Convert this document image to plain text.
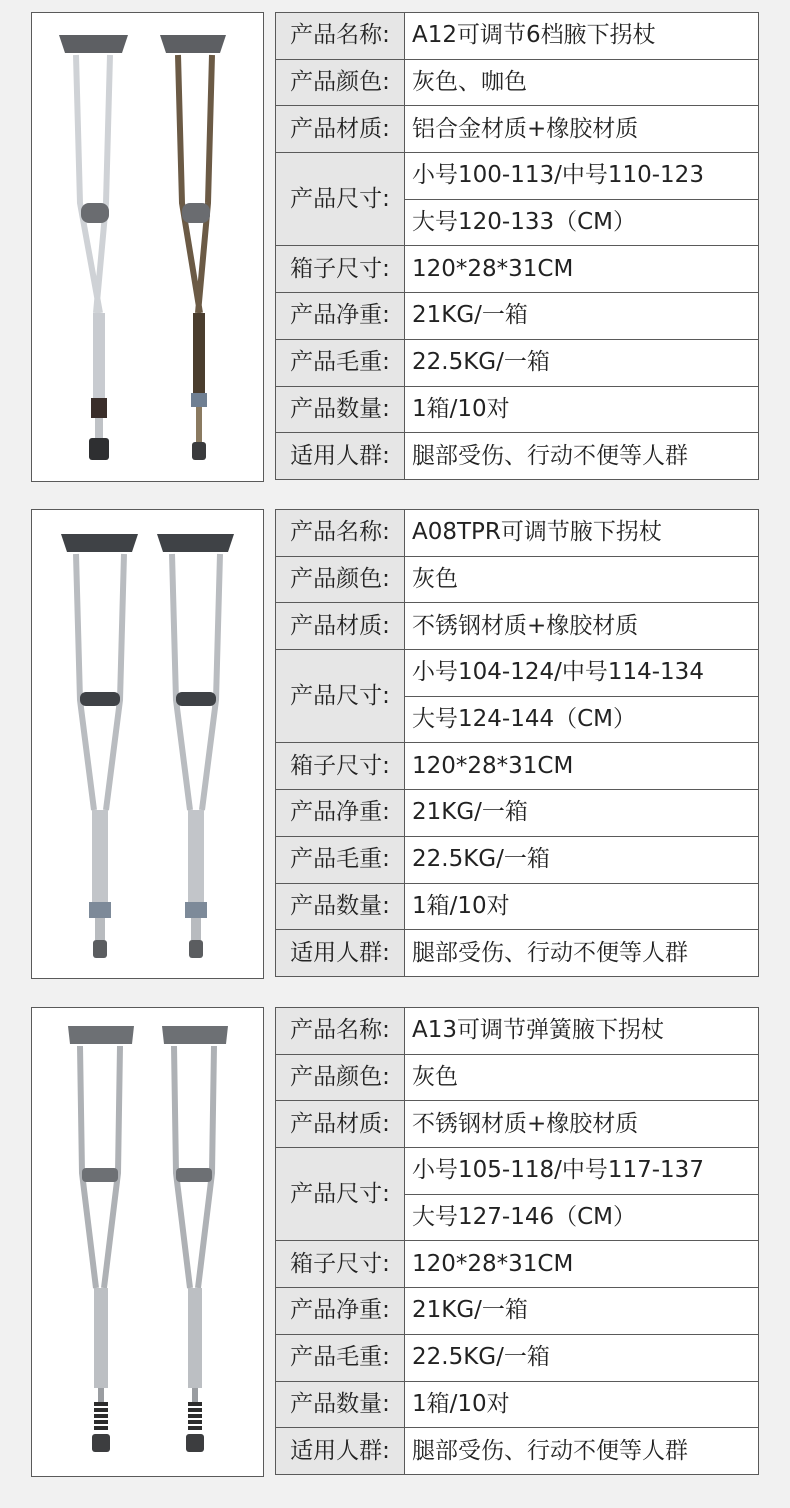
产品名称:	A12可调节6档腋下拐杖
产品颜色:	灰色、咖色
产品材质:	铝合金材质+橡胶材质
产品尺寸:	小号100-113/中号110-123
	大号120-133（CM）
箱子尺寸:	120*28*31CM
产品净重:	21KG/一箱
产品毛重:	22.5KG/一箱
产品数量:	1箱/10对
适用人群:	腿部受伤、行动不便等人群
产品名称:	A08TPR可调节腋下拐杖
产品颜色:	灰色
产品材质:	不锈钢材质+橡胶材质
产品尺寸:	小号104-124/中号114-134
	大号124-144（CM）
箱子尺寸:	120*28*31CM
产品净重:	21KG/一箱
产品毛重:	22.5KG/一箱
产品数量:	1箱/10对
适用人群:	腿部受伤、行动不便等人群
产品名称:	A13可调节弹簧腋下拐杖
产品颜色:	灰色
产品材质:	不锈钢材质+橡胶材质
产品尺寸:	小号105-118/中号117-137
	大号127-146（CM）
箱子尺寸:	120*28*31CM
产品净重:	21KG/一箱
产品毛重:	22.5KG/一箱
产品数量:	1箱/10对
适用人群:	腿部受伤、行动不便等人群
